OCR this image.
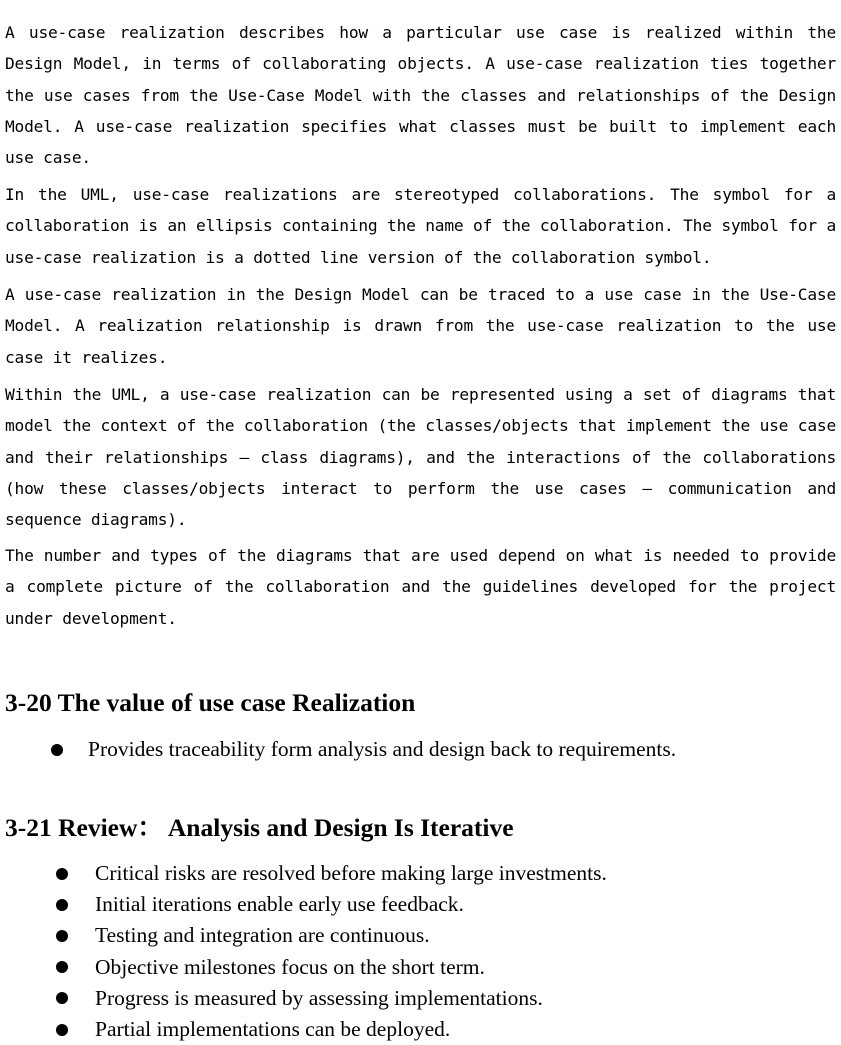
A use-case realization describes how a particular use case is realized within the Design Model, in terms of collaborating objects. A use-case realization ties together the use cases from the Use-Case Model with the classes and relationships of the Design Model. A use-case realization specifies what classes must be built to implement each use case.

In the UML, use-case realizations are stereotyped collaborations. The symbol for a collaboration is an ellipsis containing the name of the collaboration. The symbol for a use-case realization is a dotted line version of the collaboration symbol.

A use-case realization in the Design Model can be traced to a use case in the Use-Case Model. A realization relationship is drawn from the use-case realization to the use case it realizes.

Within the UML, a use-case realization can be represented using a set of diagrams that model the context of the collaboration (the classes/objects that implement the use case and their relationships — class diagrams), and the interactions of the collaborations (how these classes/objects interact to perform the use cases — communication and sequence diagrams).

The number and types of the diagrams that are used depend on what is needed to provide a complete picture of the collaboration and the guidelines developed for the project under development.

3-20 The value of use case Realization
Provides traceability form analysis and design back to requirements.
3-21 Review： Analysis and Design Is Iterative
Critical risks are resolved before making large investments.
Initial iterations enable early use feedback.
Testing and integration are continuous.
Objective milestones focus on the short term.
Progress is measured by assessing implementations.
Partial implementations can be deployed.
